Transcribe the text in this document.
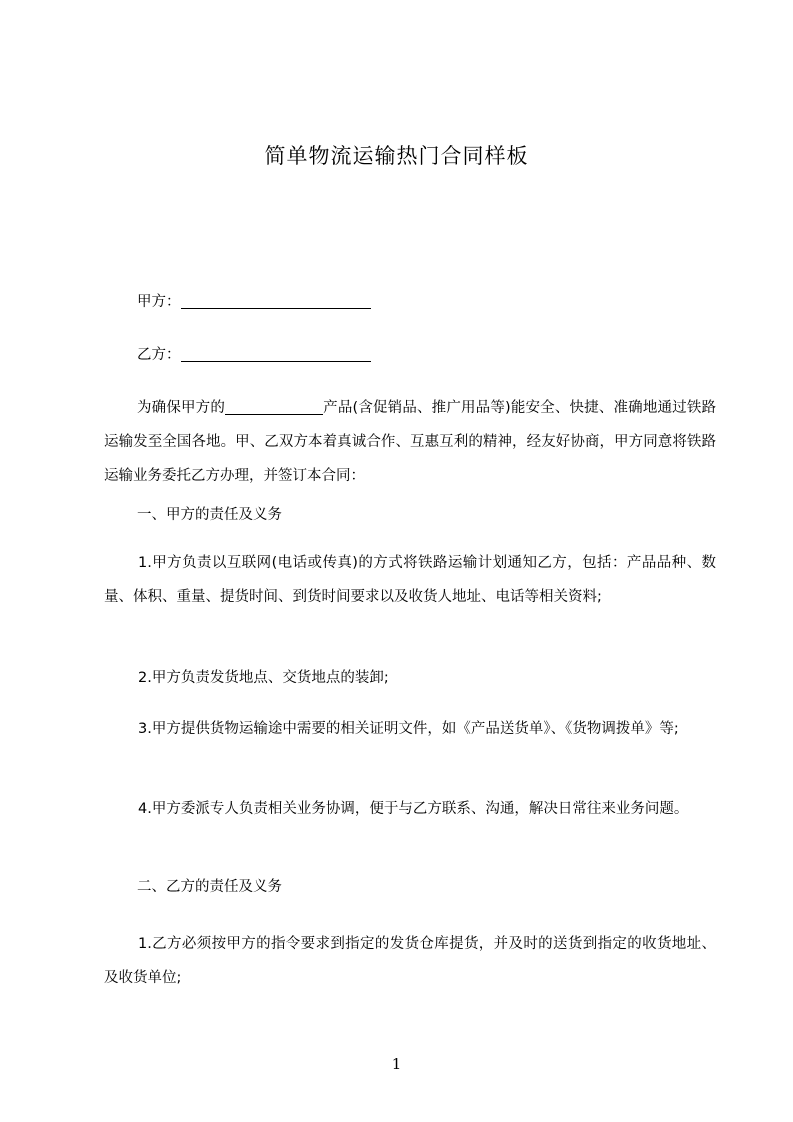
简单物流运输热门合同样板
甲方：
乙方：

为确保甲方的	产品(含促销品、推广用品等)能安全、快捷、准确地通过铁路运输发至全国各地。甲、乙双方本着真诚合作、互惠互利的精神，经友好协商，甲方同意将铁路运输业务委托乙方办理，并签订本合同：

一、甲方的责任及义务

1.甲方负责以互联网(电话或传真)的方式将铁路运输计划通知乙方，包括：产品品种、数量、体积、重量、提货时间、到货时间要求以及收货人地址、电话等相关资料;

2.甲方负责发货地点、交货地点的装卸;

3.甲方提供货物运输途中需要的相关证明文件，如《产品送货单》、《货物调拨单》等;

4.甲方委派专人负责相关业务协调，便于与乙方联系、沟通，解决日常往来业务问题。

二、乙方的责任及义务

1.乙方必须按甲方的指令要求到指定的发货仓库提货，并及时的送货到指定的收货地址、及收货单位;

1
